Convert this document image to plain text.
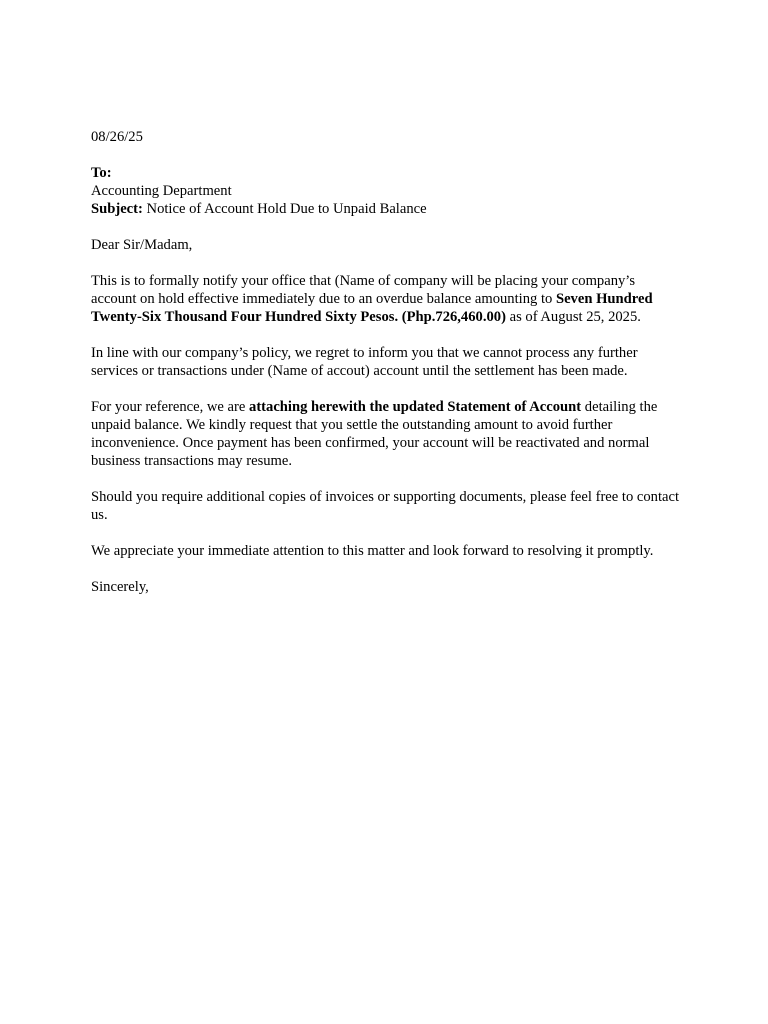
08/26/25

To:
Accounting Department
Subject: Notice of Account Hold Due to Unpaid Balance

Dear Sir/Madam,

This is to formally notify your office that (Name of company will be placing your company’s account on hold effective immediately due to an overdue balance amounting to Seven Hundred Twenty-Six Thousand Four Hundred Sixty Pesos. (Php.726,460.00) as of August 25, 2025.

In line with our company’s policy, we regret to inform you that we cannot process any further services or transactions under (Name of accout) account until the settlement has been made.

For your reference, we are attaching herewith the updated Statement of Account detailing the unpaid balance. We kindly request that you settle the outstanding amount to avoid further inconvenience. Once payment has been confirmed, your account will be reactivated and normal business transactions may resume.

Should you require additional copies of invoices or supporting documents, please feel free to contact us.

We appreciate your immediate attention to this matter and look forward to resolving it promptly.

Sincerely,
